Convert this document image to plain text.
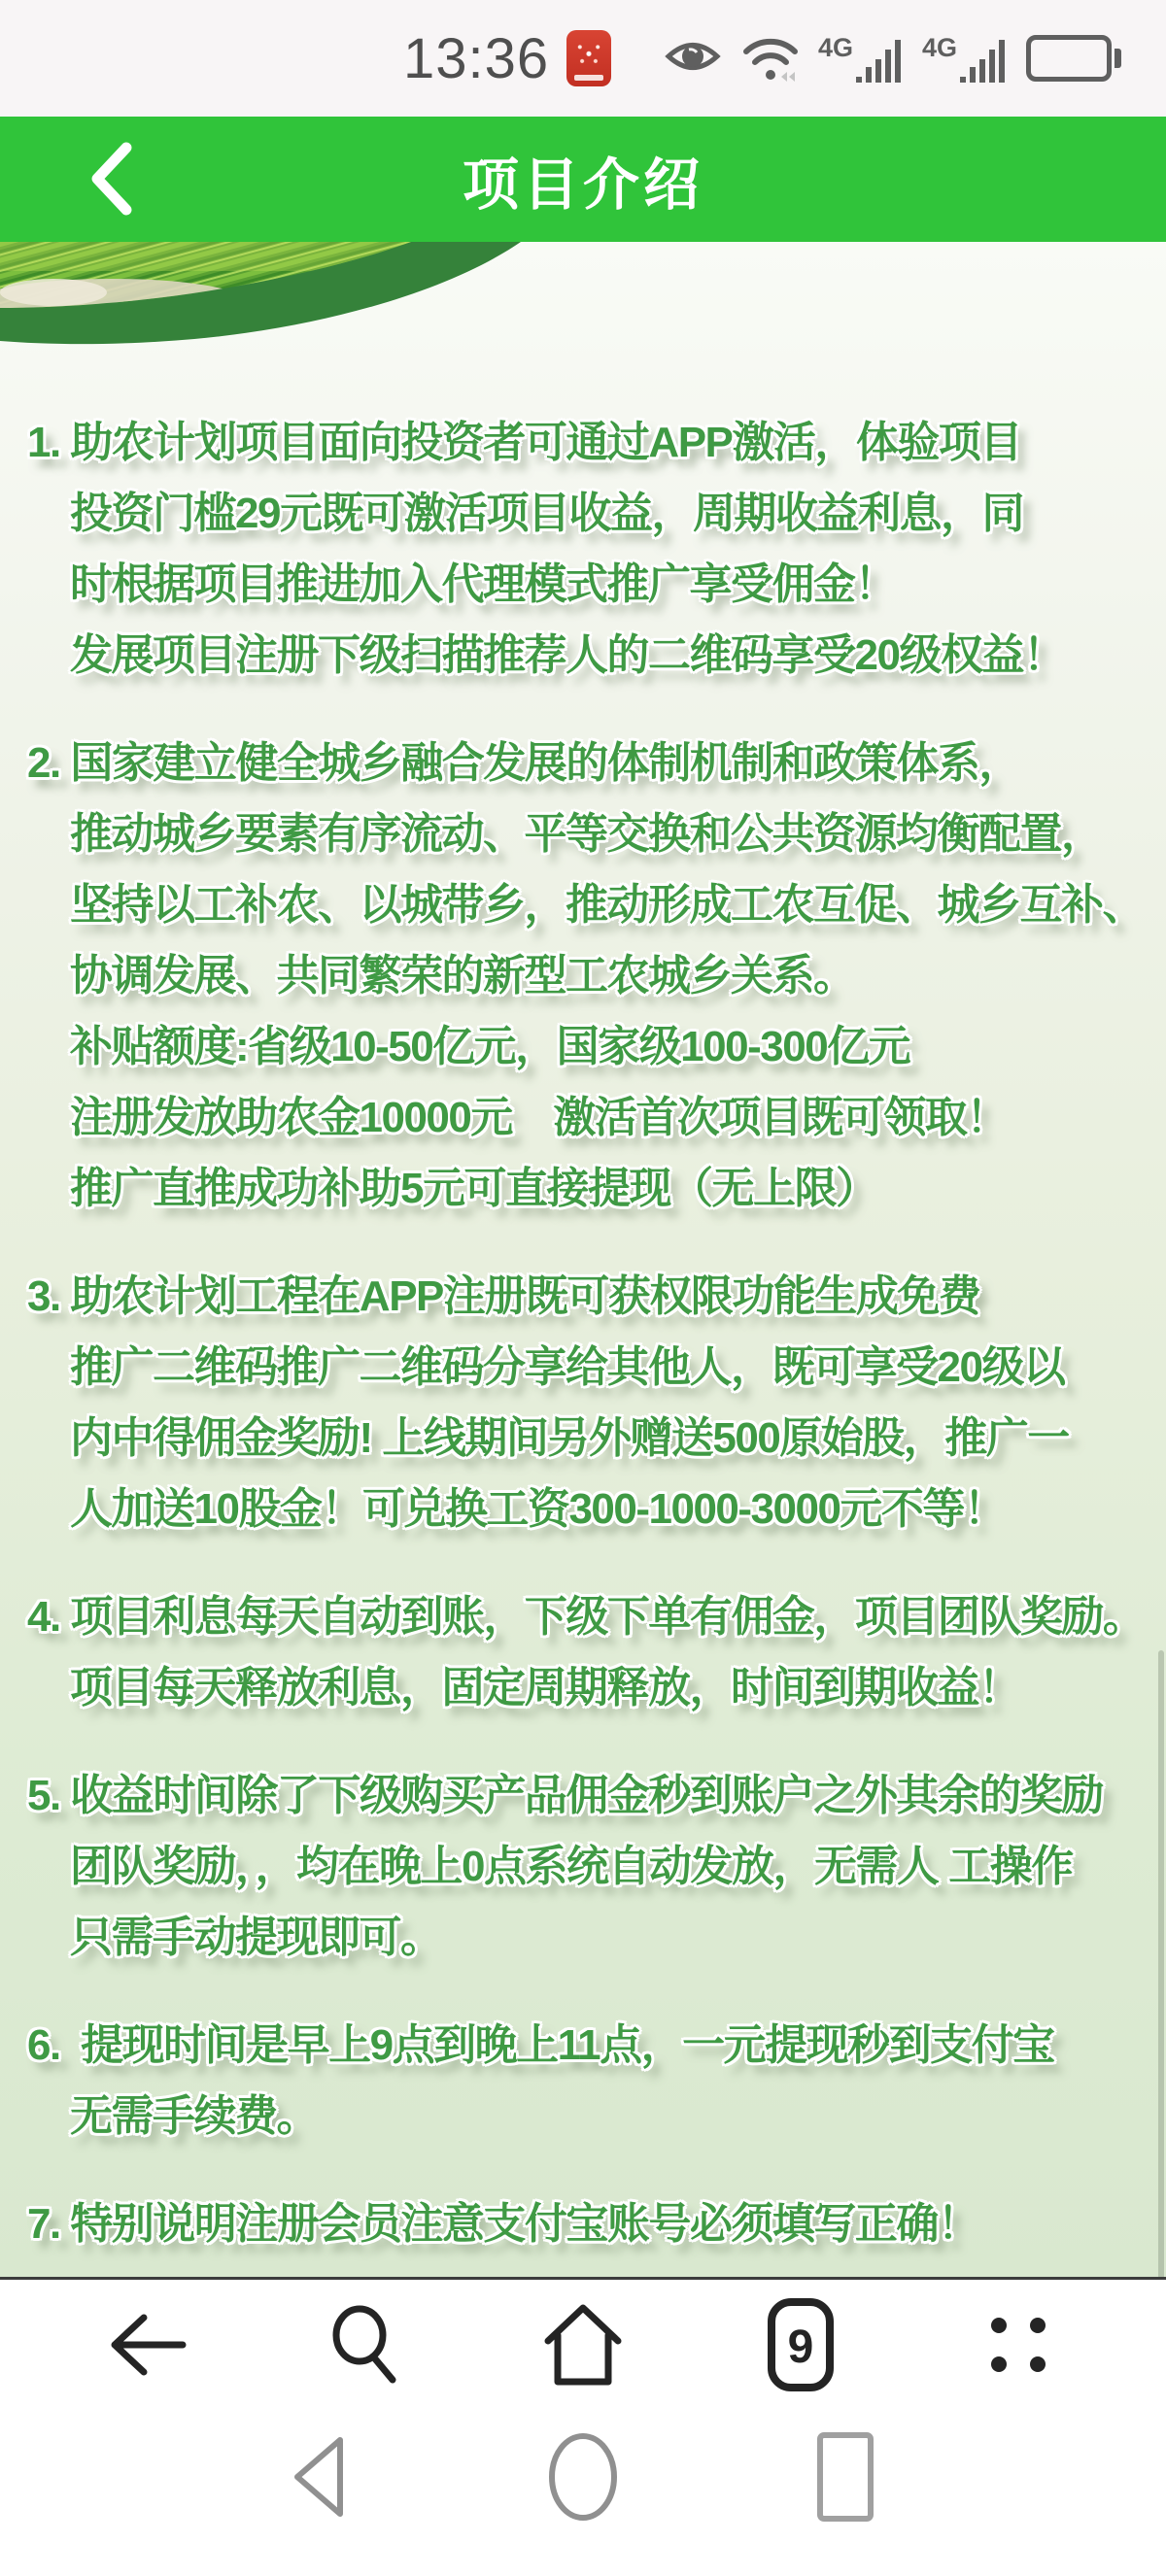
13:36	4G	4G
项目介绍
1. 助农计划项目面向投资者可通过APP激活，体验项目
投资门槛29元既可激活项目收益，周期收益利息，同
时根据项目推进加入代理模式推广享受佣金！
发展项目注册下级扫描推荐人的二维码享受20级权益！
2. 国家建立健全城乡融合发展的体制机制和政策体系，
推动城乡要素有序流动、平等交换和公共资源均衡配置，
坚持以工补农、以城带乡，推动形成工农互促、城乡互补、
协调发展、共同繁荣的新型工农城乡关系。
补贴额度:省级10-50亿元，国家级100-300亿元
注册发放助农金10000元　激活首次项目既可领取！
推广直推成功补助5元可直接提现（无上限）
3. 助农计划工程在APP注册既可获权限功能生成免费
推广二维码推广二维码分享给其他人，既可享受20级以
内中得佣金奖励! 上线期间另外赠送500原始股，推广一
人加送10股金！可兑换工资300-1000-3000元不等！
4. 项目利息每天自动到账，下级下单有佣金，项目团队奖励。
项目每天释放利息，固定周期释放，时间到期收益！
5. 收益时间除了下级购买产品佣金秒到账户之外其余的奖励
团队奖励，，均在晚上0点系统自动发放，无需人 工操作
只需手动提现即可。
6.  提现时间是早上9点到晚上11点，一元提现秒到支付宝
无需手续费。
7. 特别说明注册会员注意支付宝账号必须填写正确！
9
